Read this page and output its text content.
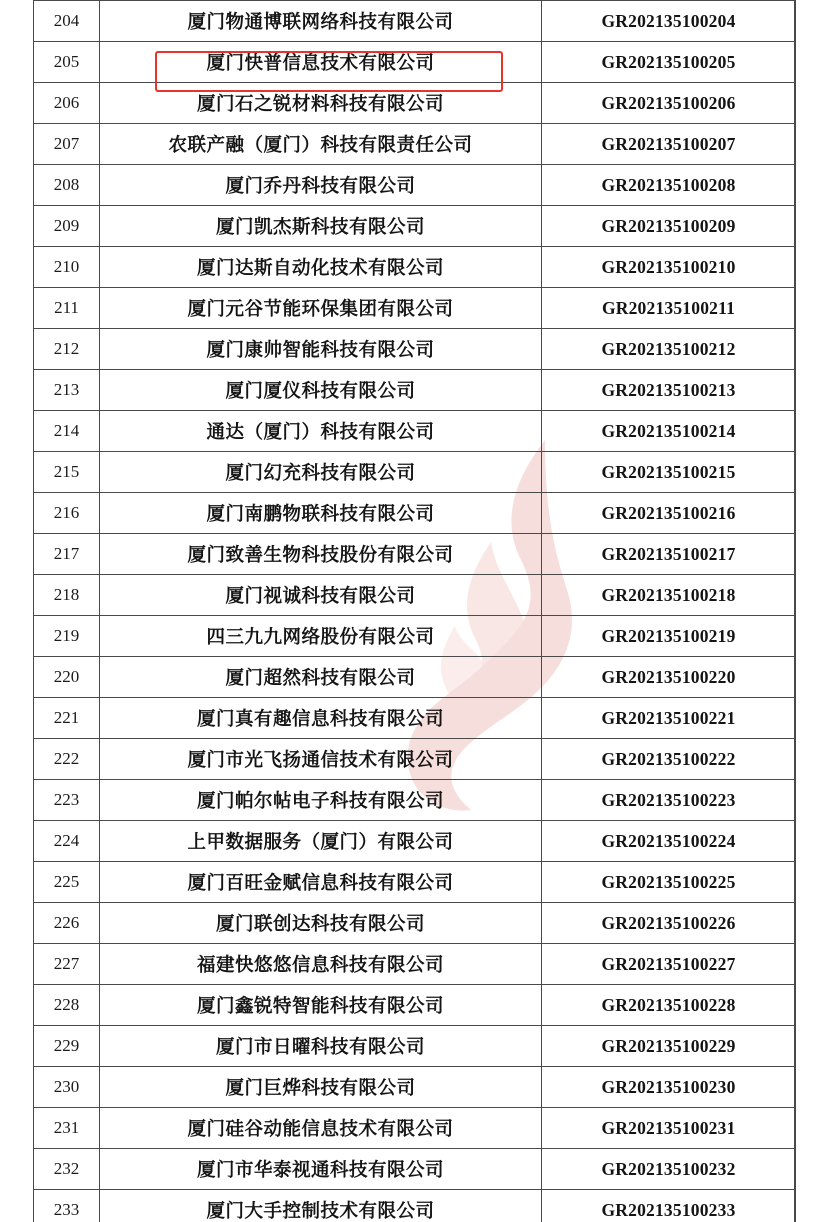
204	厦门物通博联网络科技有限公司	GR202135100204
205	厦门快普信息技术有限公司	GR202135100205
206	厦门石之锐材料科技有限公司	GR202135100206
207	农联产融（厦门）科技有限责任公司	GR202135100207
208	厦门乔丹科技有限公司	GR202135100208
209	厦门凯杰斯科技有限公司	GR202135100209
210	厦门达斯自动化技术有限公司	GR202135100210
211	厦门元谷节能环保集团有限公司	GR202135100211
212	厦门康帅智能科技有限公司	GR202135100212
213	厦门厦仪科技有限公司	GR202135100213
214	通达（厦门）科技有限公司	GR202135100214
215	厦门幻充科技有限公司	GR202135100215
216	厦门南鹏物联科技有限公司	GR202135100216
217	厦门致善生物科技股份有限公司	GR202135100217
218	厦门视诚科技有限公司	GR202135100218
219	四三九九网络股份有限公司	GR202135100219
220	厦门超然科技有限公司	GR202135100220
221	厦门真有趣信息科技有限公司	GR202135100221
222	厦门市光飞扬通信技术有限公司	GR202135100222
223	厦门帕尔帖电子科技有限公司	GR202135100223
224	上甲数据服务（厦门）有限公司	GR202135100224
225	厦门百旺金赋信息科技有限公司	GR202135100225
226	厦门联创达科技有限公司	GR202135100226
227	福建快悠悠信息科技有限公司	GR202135100227
228	厦门鑫锐特智能科技有限公司	GR202135100228
229	厦门市日曜科技有限公司	GR202135100229
230	厦门巨烨科技有限公司	GR202135100230
231	厦门硅谷动能信息技术有限公司	GR202135100231
232	厦门市华泰视通科技有限公司	GR202135100232
233	厦门大手控制技术有限公司	GR202135100233
